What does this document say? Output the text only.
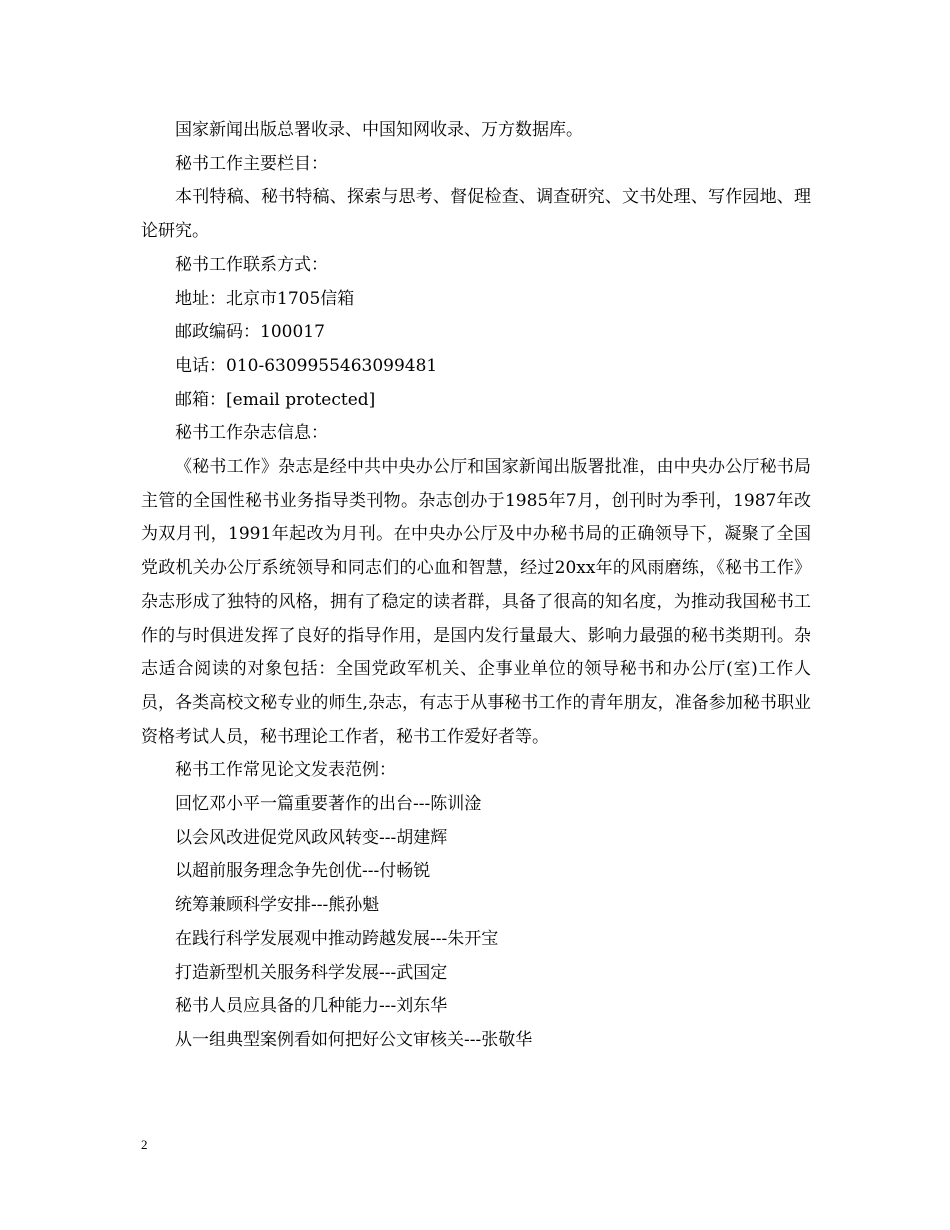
国家新闻出版总署收录、中国知网收录、万方数据库。

秘书工作主要栏目：

本刊特稿、秘书特稿、探索与思考、督促检查、调查研究、文书处理、写作园地、理论研究。

秘书工作联系方式：

地址：北京市1705信箱

邮政编码：100017

电话：010-6309955463099481

邮箱：[email protected]

秘书工作杂志信息：

《秘书工作》杂志是经中共中央办公厅和国家新闻出版署批准，由中央办公厅秘书局主管的全国性秘书业务指导类刊物。杂志创办于1985年7月，创刊时为季刊，1987年改为双月刊，1991年起改为月刊。在中央办公厅及中办秘书局的正确领导下，凝聚了全国党政机关办公厅系统领导和同志们的心血和智慧，经过20xx年的风雨磨练，《秘书工作》杂志形成了独特的风格，拥有了稳定的读者群，具备了很高的知名度，为推动我国秘书工作的与时俱进发挥了良好的指导作用，是国内发行量最大、影响力最强的秘书类期刊。杂志适合阅读的对象包括：全国党政军机关、企事业单位的领导秘书和办公厅(室)工作人员，各类高校文秘专业的师生,杂志，有志于从事秘书工作的青年朋友，准备参加秘书职业资格考试人员，秘书理论工作者，秘书工作爱好者等。

秘书工作常见论文发表范例：

回忆邓小平一篇重要著作的出台---陈训淦

以会风改进促党风政风转变---胡建辉

以超前服务理念争先创优---付畅锐

统筹兼顾科学安排---熊孙魁

在践行科学发展观中推动跨越发展---朱开宝

打造新型机关服务科学发展---武国定

秘书人员应具备的几种能力---刘东华

从一组典型案例看如何把好公文审核关---张敬华

2
